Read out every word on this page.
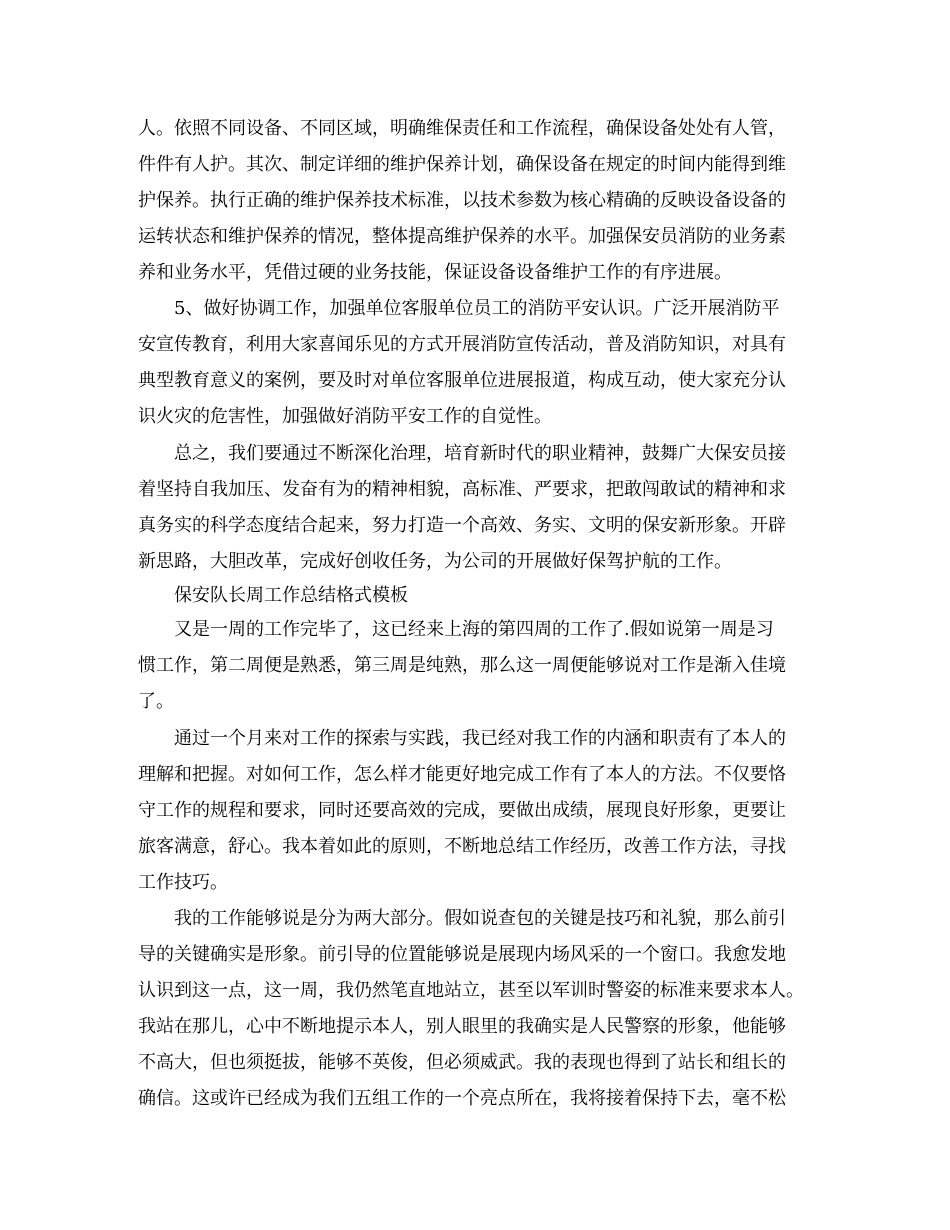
人。依照不同设备、不同区域，明确维保责任和工作流程，确保设备处处有人管，
件件有人护。其次、制定详细的维护保养计划，确保设备在规定的时间内能得到维
护保养。执行正确的维护保养技术标准，以技术参数为核心精确的反映设备设备的
运转状态和维护保养的情况，整体提高维护保养的水平。加强保安员消防的业务素
养和业务水平，凭借过硬的业务技能，保证设备设备维护工作的有序进展。
5、做好协调工作，加强单位客服单位员工的消防平安认识。广泛开展消防平
安宣传教育，利用大家喜闻乐见的方式开展消防宣传活动，普及消防知识，对具有
典型教育意义的案例，要及时对单位客服单位进展报道，构成互动，使大家充分认
识火灾的危害性，加强做好消防平安工作的自觉性。
总之，我们要通过不断深化治理，培育新时代的职业精神，鼓舞广大保安员接
着坚持自我加压、发奋有为的精神相貌，高标准、严要求，把敢闯敢试的精神和求
真务实的科学态度结合起来，努力打造一个高效、务实、文明的保安新形象。开辟
新思路，大胆改革，完成好创收任务，为公司的开展做好保驾护航的工作。
保安队长周工作总结格式模板
又是一周的工作完毕了，这已经来上海的第四周的工作了.假如说第一周是习
惯工作，第二周便是熟悉，第三周是纯熟，那么这一周便能够说对工作是渐入佳境
了。
通过一个月来对工作的探索与实践，我已经对我工作的内涵和职责有了本人的
理解和把握。对如何工作，怎么样才能更好地完成工作有了本人的方法。不仅要恪
守工作的规程和要求，同时还要高效的完成，要做出成绩，展现良好形象，更要让
旅客满意，舒心。我本着如此的原则，不断地总结工作经历，改善工作方法，寻找
工作技巧。
我的工作能够说是分为两大部分。假如说查包的关键是技巧和礼貌，那么前引
导的关键确实是形象。前引导的位置能够说是展现内场风采的一个窗口。我愈发地
认识到这一点，这一周，我仍然笔直地站立，甚至以军训时警姿的标准来要求本人。
我站在那儿，心中不断地提示本人，别人眼里的我确实是人民警察的形象，他能够
不高大，但也须挺拔，能够不英俊，但必须威武。我的表现也得到了站长和组长的
确信。这或许已经成为我们五组工作的一个亮点所在，我将接着保持下去，毫不松
